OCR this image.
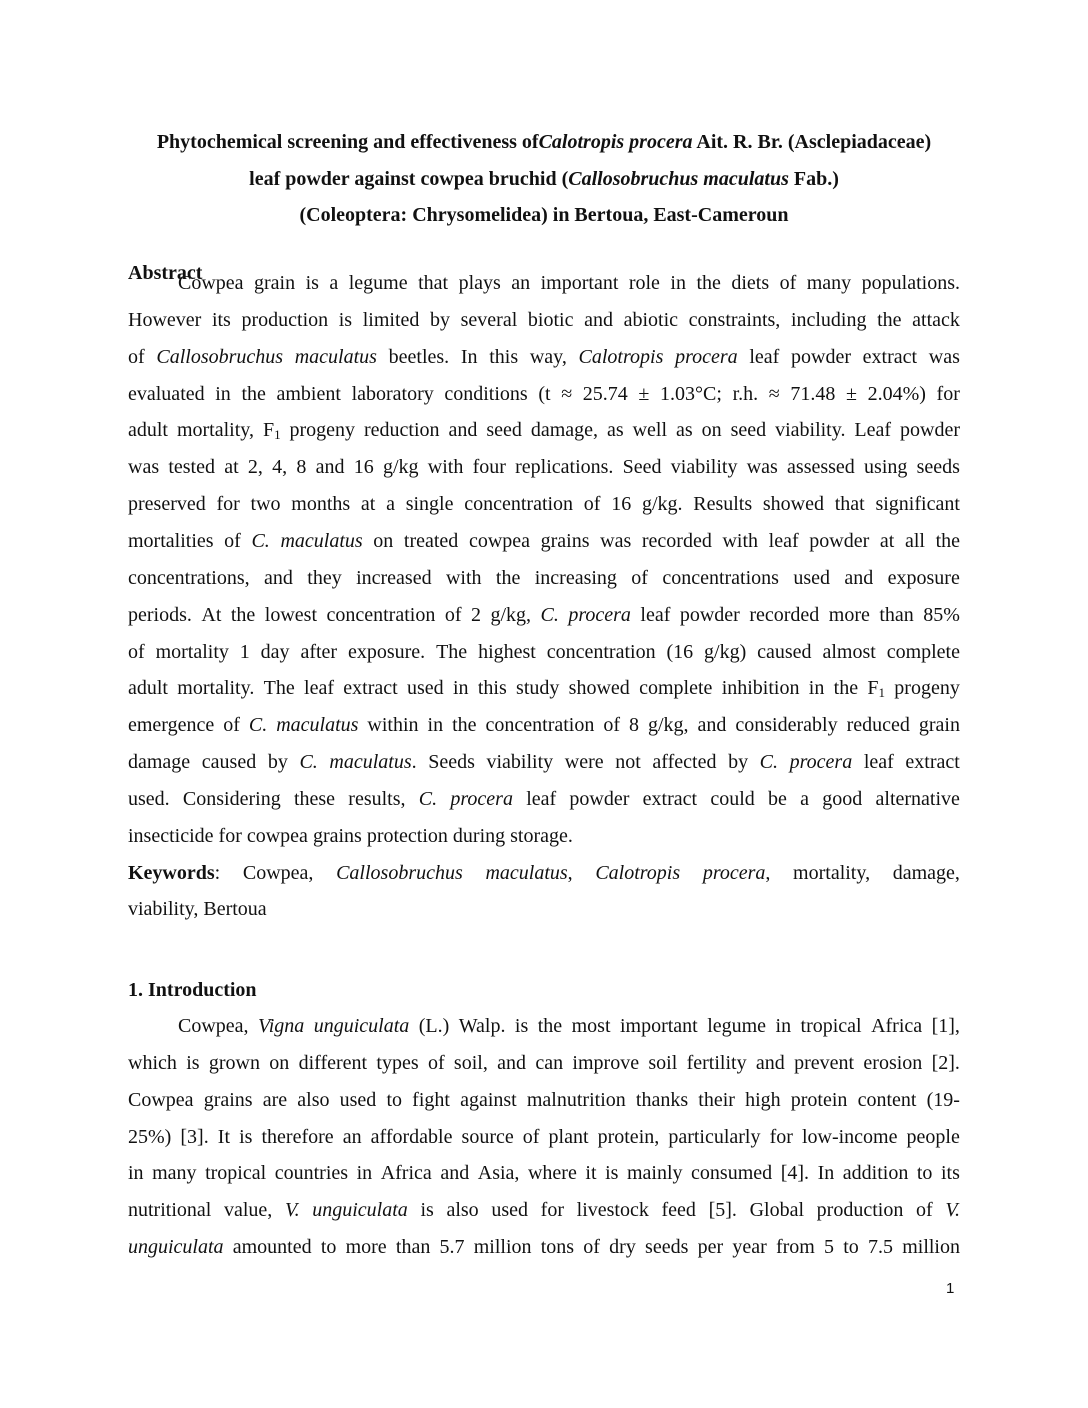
Phytochemical screening and effectiveness ofCalotropis procera Ait. R. Br. (Asclepiadaceae)
leaf powder against cowpea bruchid (Callosobruchus maculatus Fab.)
(Coleoptera: Chrysomelidea) in Bertoua, East-Cameroun
Abstract
Cowpea grain is a legume that plays an important role in the diets of many populations.
However its production is limited by several biotic and abiotic constraints, including the attack
of Callosobruchus maculatus beetles. In this way, Calotropis procera leaf powder extract was
evaluated in the ambient laboratory conditions (t ≈ 25.74 ± 1.03°C; r.h. ≈ 71.48 ± 2.04%) for
adult mortality, $F_1$ progeny reduction and seed damage, as well as on seed viability. Leaf powder
was tested at 2, 4, 8 and 16 g/kg with four replications. Seed viability was assessed using seeds
preserved for two months at a single concentration of 16 g/kg. Results showed that significant
mortalities of C. maculatus on treated cowpea grains was recorded with leaf powder at all the
concentrations, and they increased with the increasing of concentrations used and exposure
periods. At the lowest concentration of 2 g/kg, C. procera leaf powder recorded more than 85%
of mortality 1 day after exposure. The highest concentration (16 g/kg) caused almost complete
adult mortality. The leaf extract used in this study showed complete inhibition in the $F_1$ progeny
emergence of C. maculatus within in the concentration of 8 g/kg, and considerably reduced grain
damage caused by C. maculatus. Seeds viability were not affected by C. procera leaf extract
used. Considering these results, C. procera leaf powder extract could be a good alternative
insecticide for cowpea grains protection during storage.
Keywords: Cowpea, Callosobruchus maculatus, Calotropis procera, mortality, damage,
viability, Bertoua
1. Introduction
Cowpea, Vigna unguiculata (L.) Walp. is the most important legume in tropical Africa [1],
which is grown on different types of soil, and can improve soil fertility and prevent erosion [2].
Cowpea grains are also used to fight against malnutrition thanks their high protein content (19-
25%) [3]. It is therefore an affordable source of plant protein, particularly for low-income people
in many tropical countries in Africa and Asia, where it is mainly consumed [4]. In addition to its
nutritional value, V. unguiculata is also used for livestock feed [5]. Global production of V.
unguiculata amounted to more than 5.7 million tons of dry seeds per year from 5 to 7.5 million
1
